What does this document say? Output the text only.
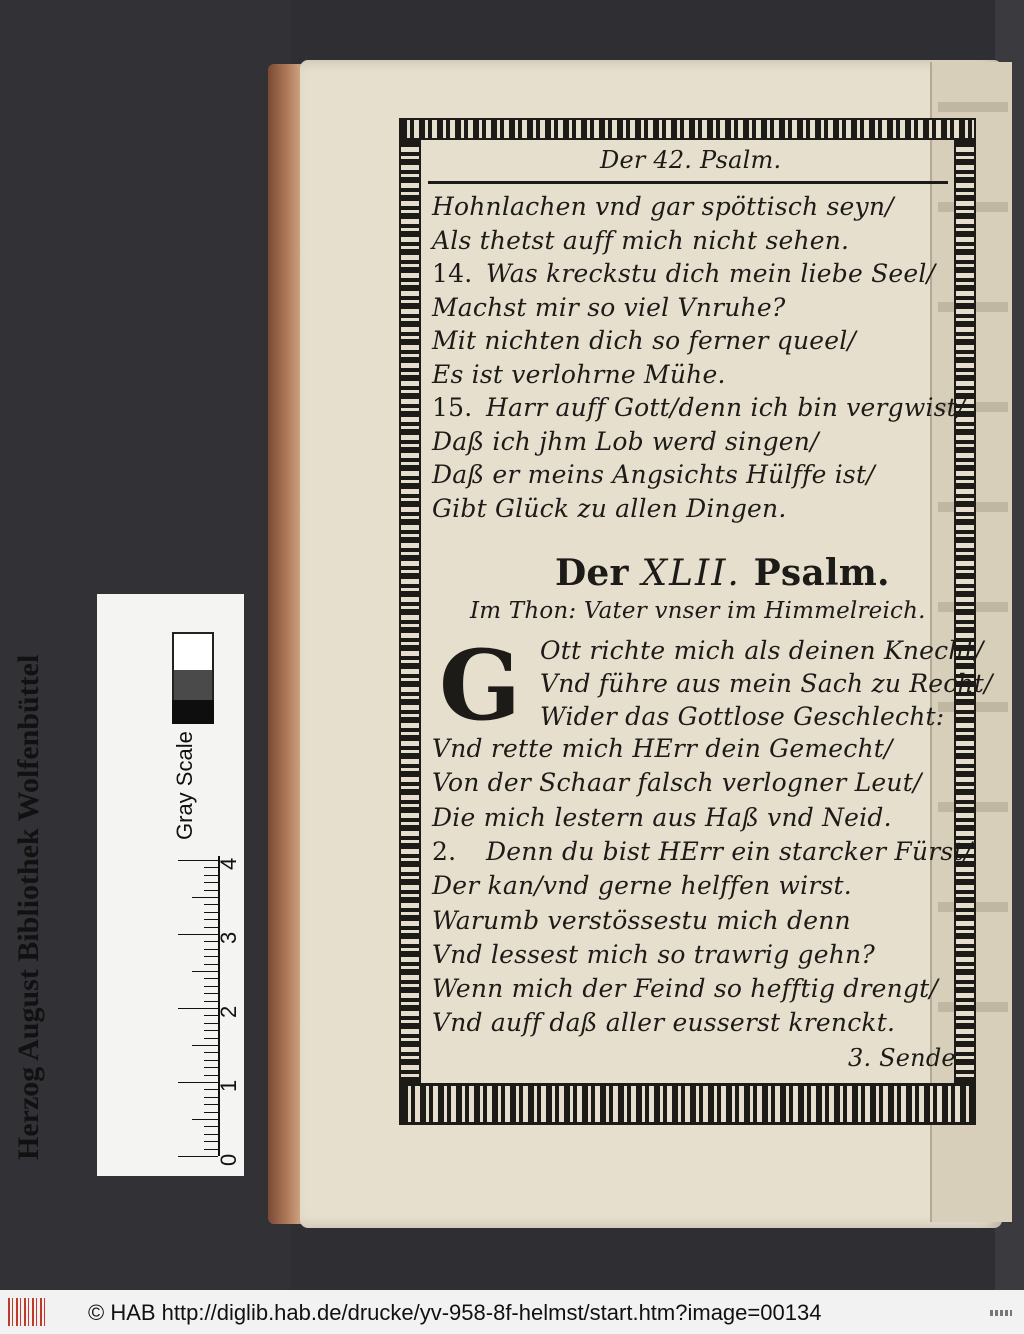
Der 42. Psalm.
Hohnlachen vnd gar spöttisch seyn/
Als thetst auff mich nicht sehen.
14. Was kreckstu dich mein liebe Seel/
Machst mir so viel Vnruhe?
Mit nichten dich so ferner queel/
Es ist verlohrne Mühe.
15. Harr auff Gott/denn ich bin vergwist/
Daß ich jhm Lob werd singen/
Daß er meins Angsichts Hülffe ist/
Gibt Glück zu allen Dingen.
Der XLII. Psalm.
Im Thon: Vater vnser im Himmelreich.
G Ott richte mich als deinen Knecht/
Vnd führe aus mein Sach zu Recht/
Wider das Gottlose Geschlecht:
Vnd rette mich HErr dein Gemecht/
Von der Schaar falsch verlogner Leut/
Die mich lestern aus Haß vnd Neid.
2. Denn du bist HErr ein starcker Fürst/
Der kan/vnd gerne helffen wirst.
Warumb verstössestu mich denn
Vnd lessest mich so trawrig gehn?
Wenn mich der Feind so hefftig drengt/
Vnd auff daß aller eusserst krenckt.
3. Sende
Herzog August Bibliothek Wolfenbüttel	Gray Scale
0
1
2
3
4
© HAB http://diglib.hab.de/drucke/yv-958-8f-helmst/start.htm?image=00134
